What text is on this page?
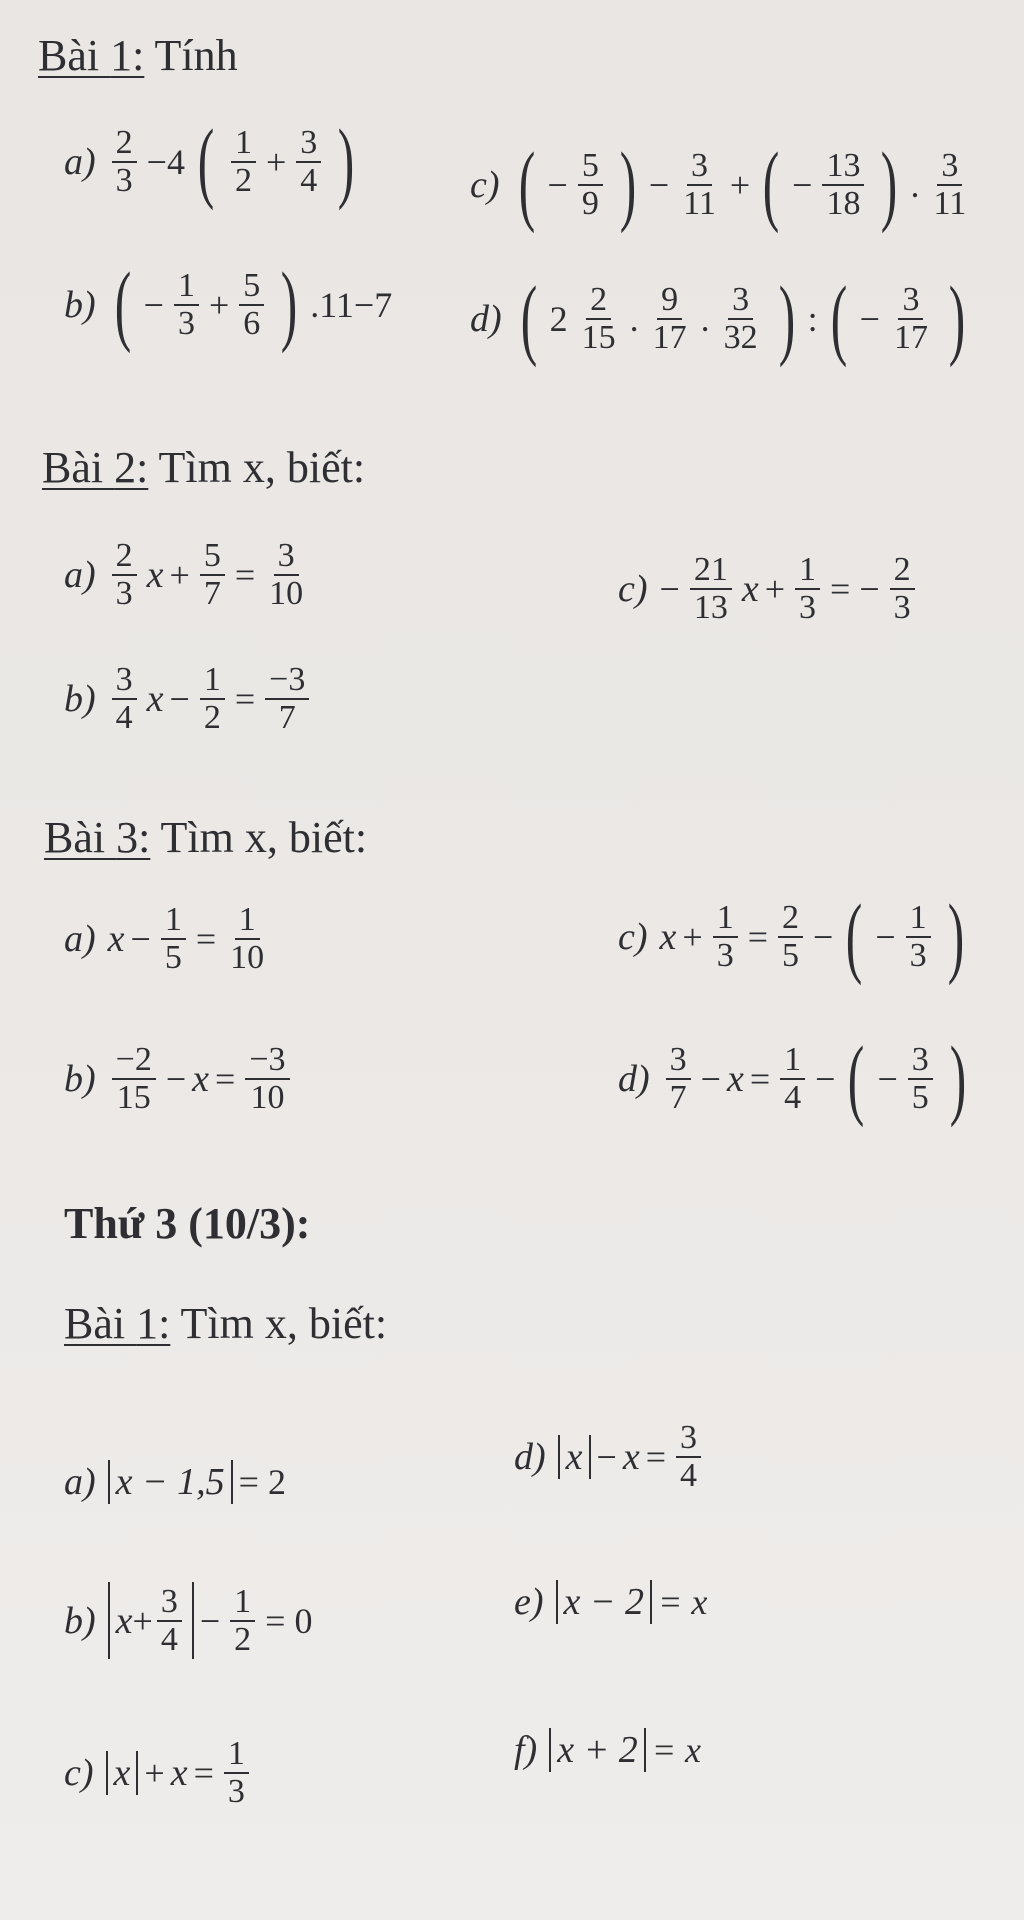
Bài 1: Tính
$a) \frac{2}{3} -4$ ( $\frac{1}{2} + \frac{3}{4}$ )	c) ( − $\frac{5}{9}$ ) − $\frac{3}{11}$ + ( − $\frac{13}{18}$ ) . $\frac{3}{11}$
b) ( − $\frac{1}{3} + \frac{5}{6}$ ) .11−7 d) ( $2 \frac{2}{15}$ . $\frac{9}{17}$ . $\frac{3}{32}$ ) : ( − $\frac{3}{17}$ )
Bài 2: Tìm x, biết:
$a) \frac{2}{3}$ $x + \frac{5}{7} = \frac{3}{10}$	$c) - \frac{21}{13}$ $x + \frac{1}{3}$ = − $\frac{2}{3}$
$b) \frac{3}{4}$ $x - \frac{1}{2} = \frac{-3}{7}$
Bài 3: Tìm x, biết:
a) $x - \frac{1}{5} = \frac{1}{10}$	c) $x + \frac{1}{3} = \frac{2}{5}$ − ( − $\frac{1}{3}$ )
$b) \frac{-2}{15} - x = \frac{-3}{10}$	$d) \frac{3}{7} - x = \frac{1}{4}$ − ( − $\frac{3}{5}$ )
Thứ 3 (10/3):
Bài 1: Tìm x, biết:
a) x − 1,5 = 2
d) $x - x = \frac{3}{4}$
b) $x + \frac{3}{4} - \frac{1}{2} = 0$	e) x − 2 = x
c) $x + x = \frac{1}{3}$	f) x + 2 = x
